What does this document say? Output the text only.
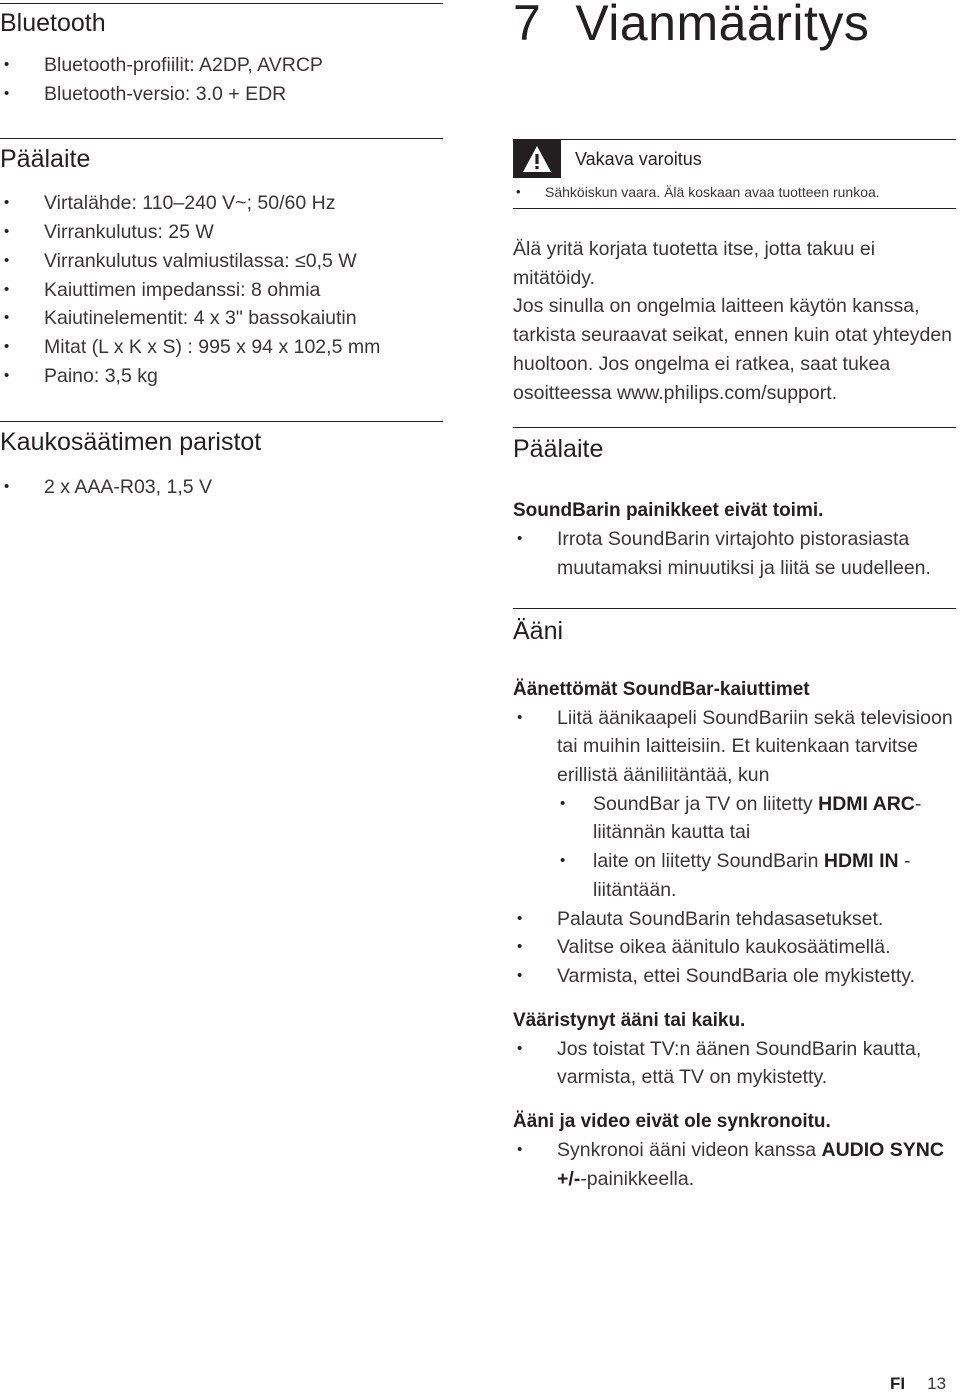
Bluetooth
• Bluetooth-profiilit: A2DP, AVRCP
• Bluetooth-versio: 3.0 + EDR
Päälaite
• Virtalähde: 110–240 V~; 50/60 Hz
• Virrankulutus: 25 W
• Virrankulutus valmiustilassa: ≤0,5 W
• Kaiuttimen impedanssi: 8 ohmia
• Kaiutinelementit: 4 x 3" bassokaiutin
• Mitat (L x K x S) : 995 x 94 x 102,5 mm
• Paino: 3,5 kg
Kaukosäätimen paristot
• 2 x AAA-R03, 1,5 V
7 Vianmääritys
Vakava varoitus
• Sähköiskun vaara. Älä koskaan avaa tuotteen runkoa.

Älä yritä korjata tuotetta itse, jotta takuu ei mitätöidy.

Jos sinulla on ongelmia laitteen käytön kanssa, tarkista seuraavat seikat, ennen kuin otat yhteyden huoltoon. Jos ongelma ei ratkea, saat tukea osoitteessa www.philips.com/support.

Päälaite

SoundBarin painikkeet eivät toimi.

• Irrota SoundBarin virtajohto pistorasiasta muutamaksi minuutiksi ja liitä se uudelleen.
Ääni

Äänettömät SoundBar-kaiuttimet

• Liitä äänikaapeli SoundBariin sekä televisioon tai muihin laitteisiin. Et kuitenkaan tarvitse erillistä ääniliitäntää, kun
• SoundBar ja TV on liitetty HDMI ARC-liitännän kautta tai
• laite on liitetty SoundBarin HDMI IN -liitäntään.
• Palauta SoundBarin tehdasasetukset.
• Valitse oikea äänitulo kaukosäätimellä.
• Varmista, ettei SoundBaria ole mykistetty.

Vääristynyt ääni tai kaiku.

• Jos toistat TV:n äänen SoundBarin kautta, varmista, että TV on mykistetty.

Ääni ja video eivät ole synkronoitu.

• Synkronoi ääni videon kanssa AUDIO SYNC +/--painikkeella.
FI 13
